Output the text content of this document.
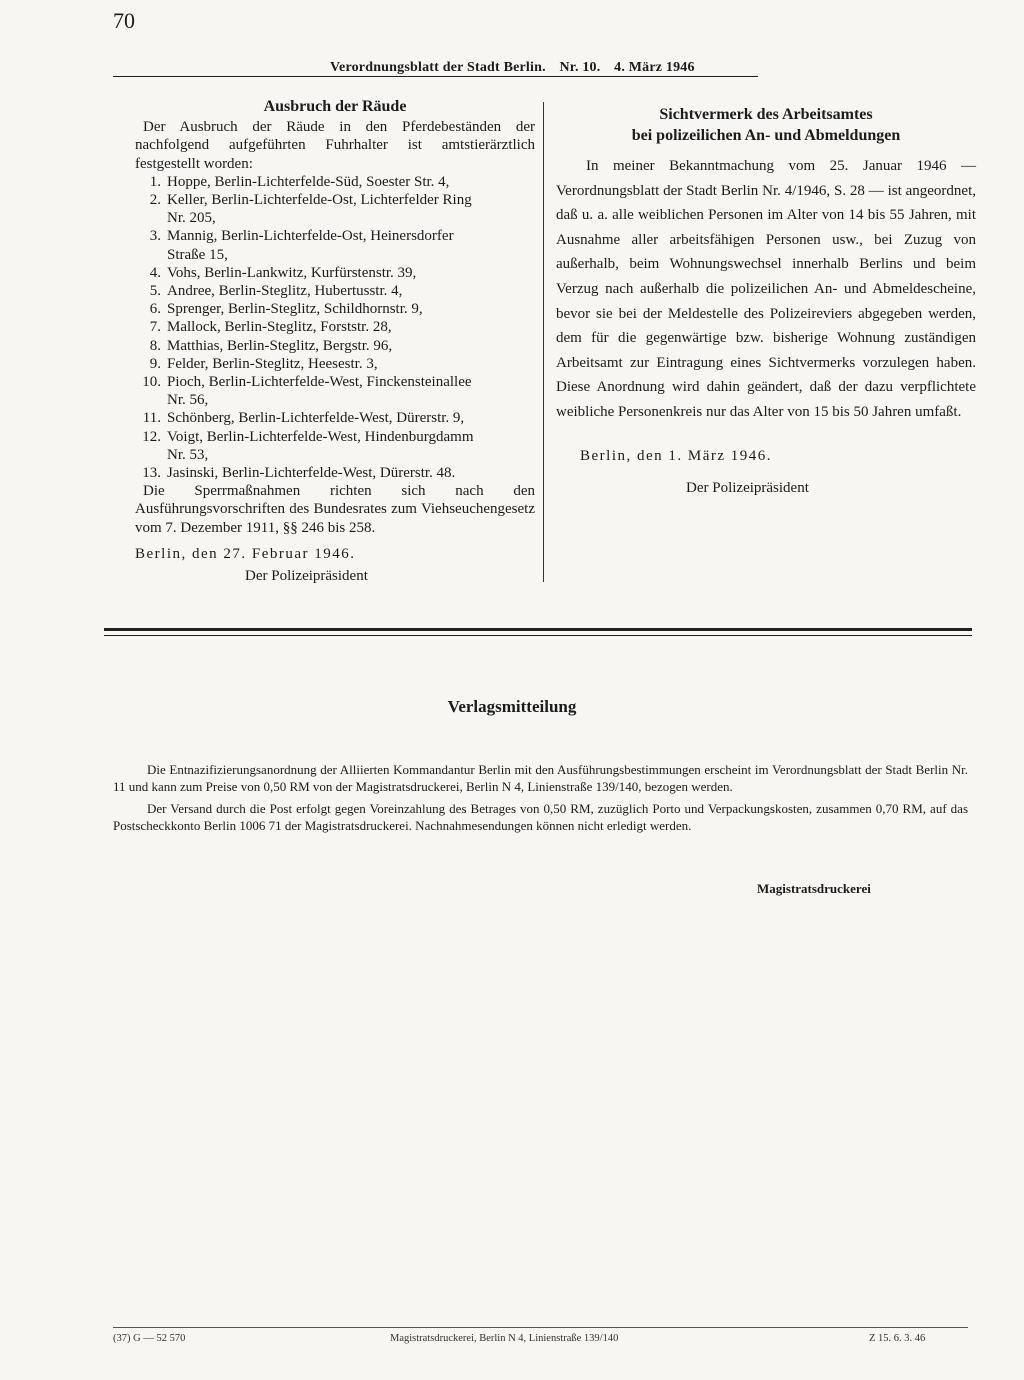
70
Verordnungsblatt der Stadt Berlin. Nr. 10. 4. März 1946
Ausbruch der Räude
Der Ausbruch der Räude in den Pferdebeständen der nachfolgend aufgeführten Fuhrhalter ist amtstierärztlich festgestellt worden:
1. Hoppe, Berlin-Lichterfelde-Süd, Soester Str. 4,
2. Keller, Berlin-Lichterfelde-Ost, Lichterfelder Ring
Nr. 205,
3. Mannig, Berlin-Lichterfelde-Ost, Heinersdorfer
Straße 15,
4. Vohs, Berlin-Lankwitz, Kurfürstenstr. 39,
5. Andree, Berlin-Steglitz, Hubertusstr. 4,
6. Sprenger, Berlin-Steglitz, Schildhornstr. 9,
7. Mallock, Berlin-Steglitz, Forststr. 28,
8. Matthias, Berlin-Steglitz, Bergstr. 96,
9. Felder, Berlin-Steglitz, Heesestr. 3,
10. Pioch, Berlin-Lichterfelde-West, Finckensteinallee
Nr. 56,
11. Schönberg, Berlin-Lichterfelde-West, Dürerstr. 9,
12. Voigt, Berlin-Lichterfelde-West, Hindenburgdamm
Nr. 53,
13. Jasinski, Berlin-Lichterfelde-West, Dürerstr. 48.
Die Sperrmaßnahmen richten sich nach den Ausführungsvorschriften des Bundesrates zum Viehseuchengesetz vom 7. Dezember 1911, §§ 246 bis 258.
Berlin, den 27. Februar 1946.
Der Polizeipräsident
Sichtvermerk des Arbeitsamtes
bei polizeilichen An- und Abmeldungen
In meiner Bekanntmachung vom 25. Januar 1946 — Verordnungsblatt der Stadt Berlin Nr. 4/1946, S. 28 — ist angeordnet, daß u. a. alle weiblichen Personen im Alter von 14 bis 55 Jahren, mit Ausnahme aller arbeitsfähigen Personen usw., bei Zuzug von außerhalb, beim Wohnungswechsel innerhalb Berlins und beim Verzug nach außerhalb die polizeilichen An- und Abmeldescheine, bevor sie bei der Meldestelle des Polizeireviers abgegeben werden, dem für die gegenwärtige bzw. bisherige Wohnung zuständigen Arbeitsamt zur Eintragung eines Sichtvermerks vorzulegen haben. Diese Anordnung wird dahin geändert, daß der dazu verpflichtete weibliche Personenkreis nur das Alter von 15 bis 50 Jahren umfaßt.
Berlin, den 1. März 1946.
Der Polizeipräsident
Verlagsmitteilung

Die Entnazifizierungsanordnung der Alliierten Kommandantur Berlin mit den Ausführungsbestimmungen erscheint im Verordnungsblatt der Stadt Berlin Nr. 11 und kann zum Preise von 0,50 RM von der Magistratsdruckerei, Berlin N 4, Linienstraße 139/140, bezogen werden.

Der Versand durch die Post erfolgt gegen Voreinzahlung des Betrages von 0,50 RM, zuzüglich Porto und Verpackungskosten, zusammen 0,70 RM, auf das Postscheckkonto Berlin 1006 71 der Magistratsdruckerei. Nachnahmesendungen können nicht erledigt werden.

Magistratsdruckerei
(37) G — 52 570	Magistratsdruckerei, Berlin N 4, Linienstraße 139/140	Z 15. 6. 3. 46
